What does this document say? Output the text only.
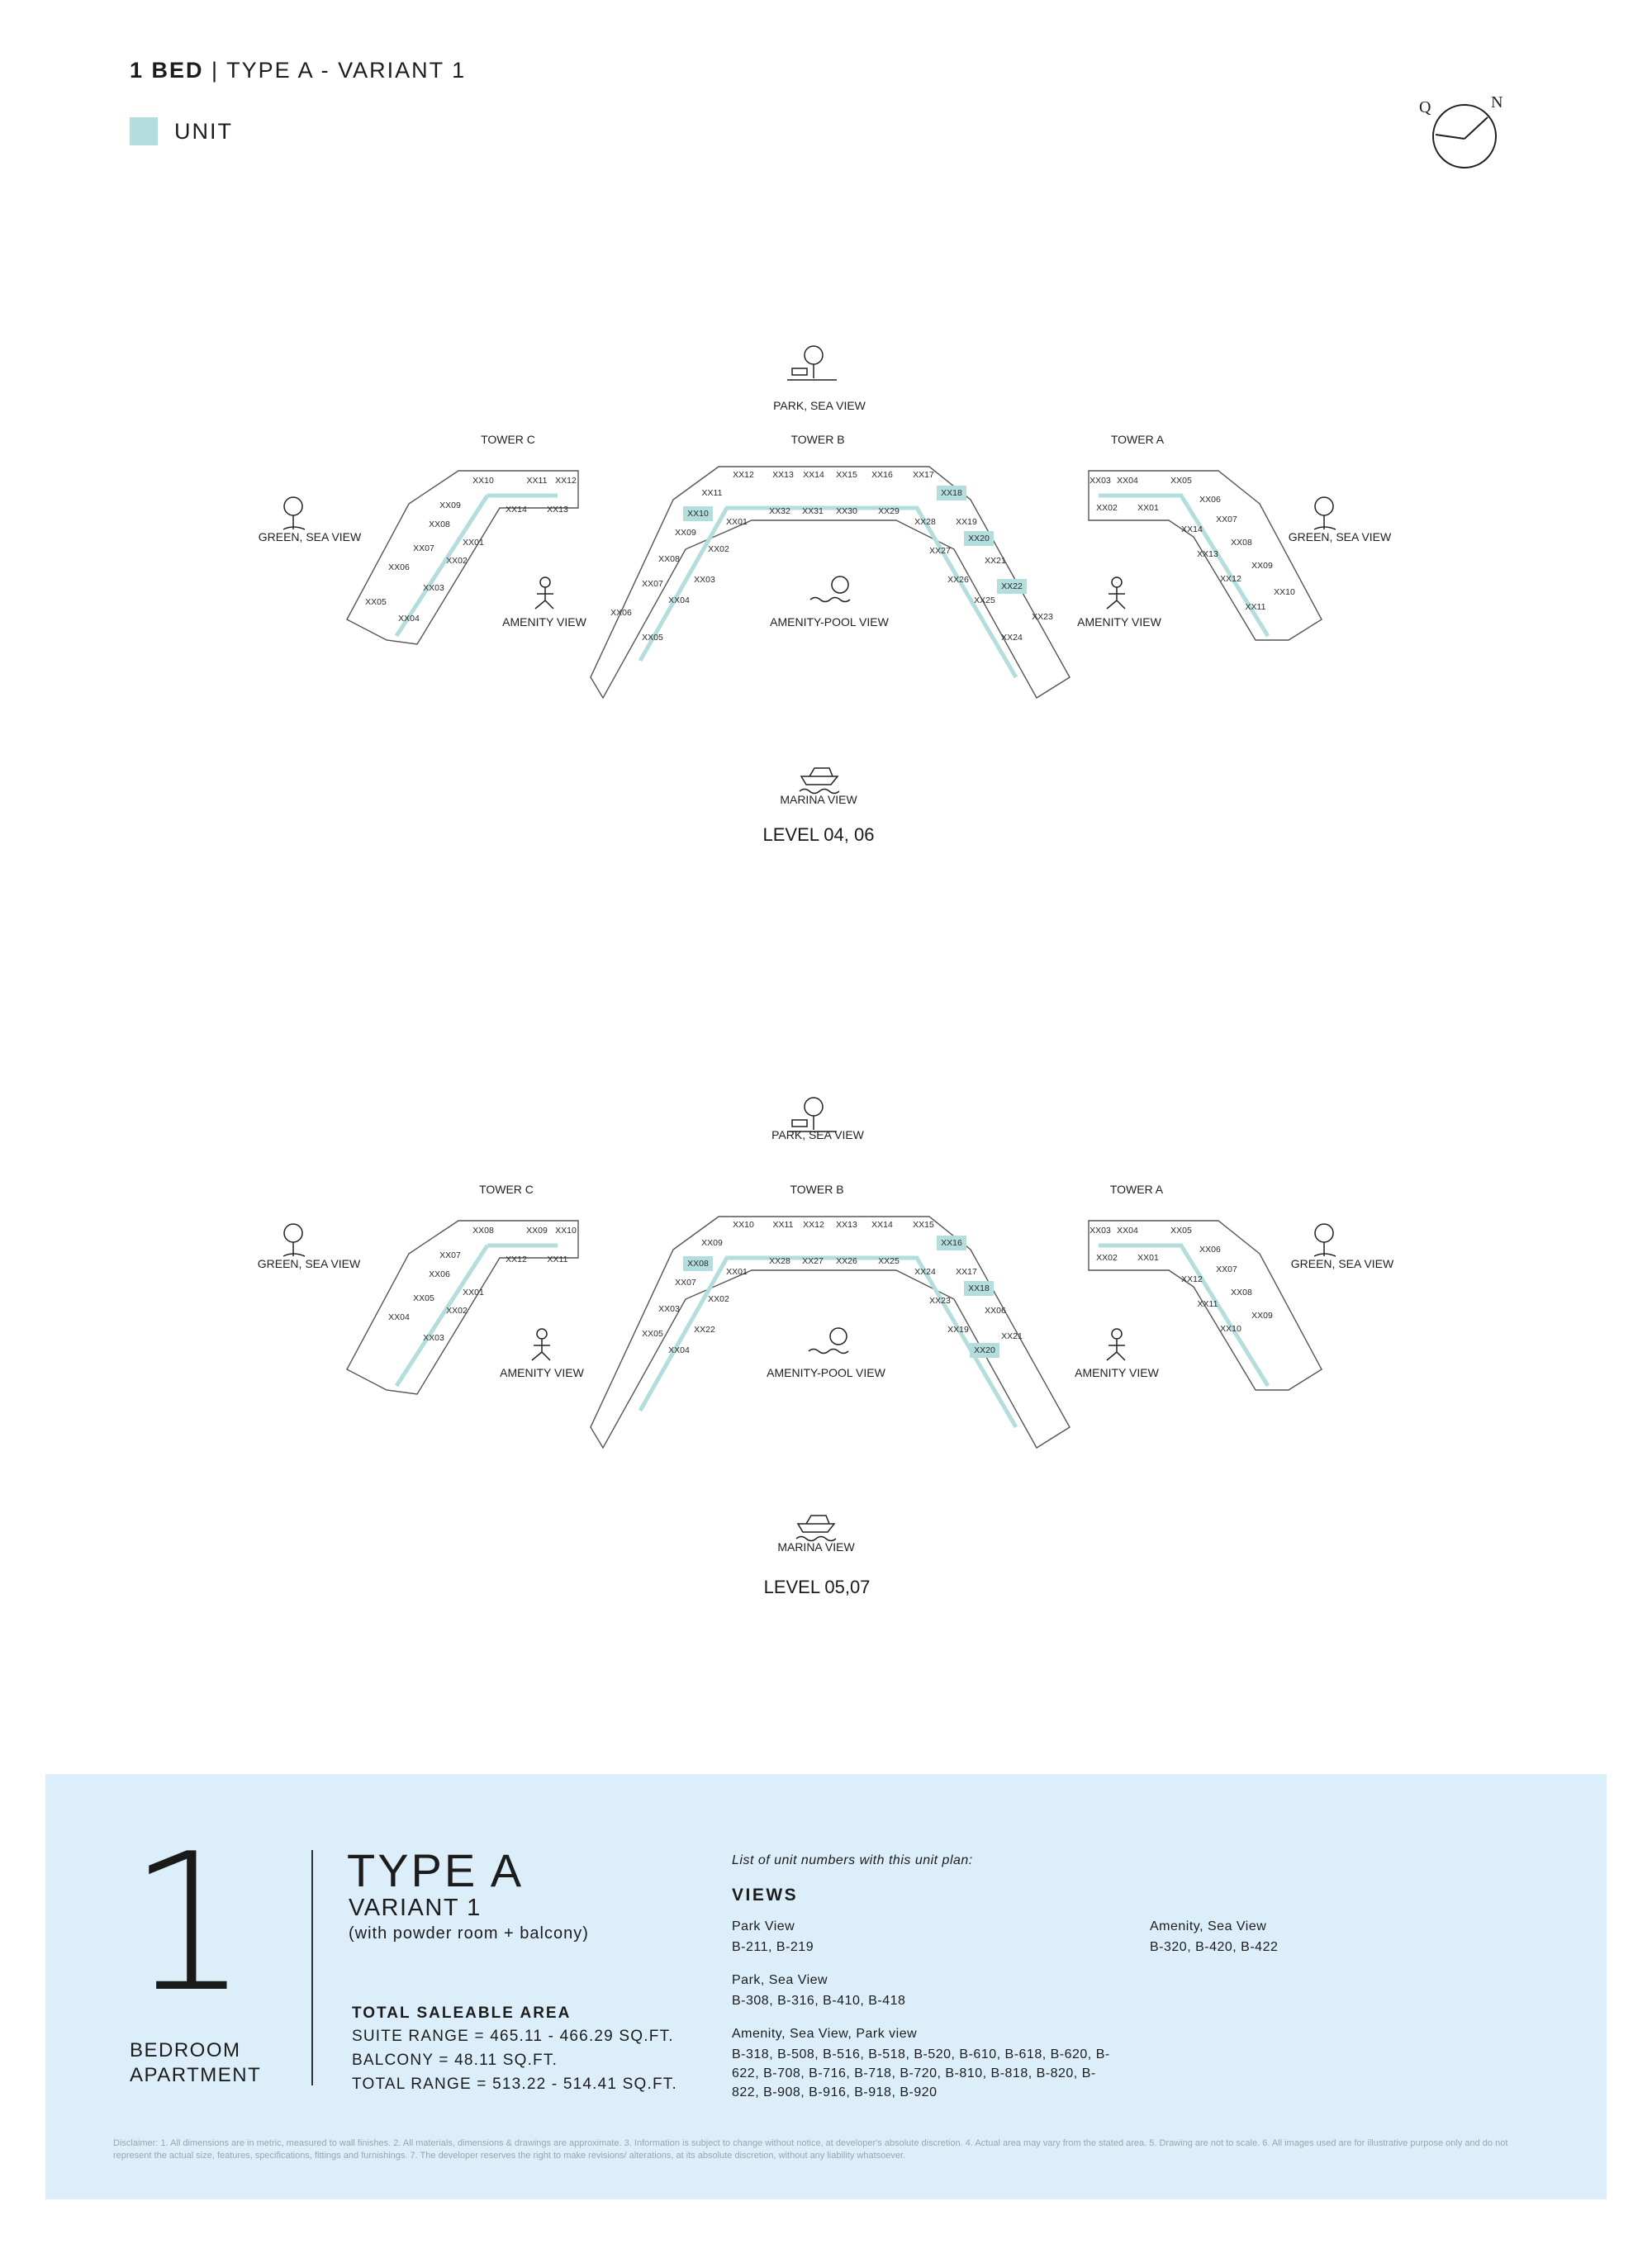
1 BED | TYPE A - VARIANT 1
UNIT
Q	N
PARK, SEA VIEW
TOWER C	TOWER B	TOWER A
GREEN, SEA VIEW	GREEN, SEA VIEW
AMENITY VIEW	AMENITY-POOL VIEW	AMENITY VIEW
MARINA VIEW
LEVEL 04, 06
XX10	XX11 XX12
XX09	XX14 XX13
XX08
XX01
XX07
XX02
XX06
XX03
XX05
XX04
XX12 XX13 XX14 XX15 XX16 XX17
XX11	XX18
XX32 XX31 XX30 XX29
XX10
XX01	XX28 XX19
XX09
XX20
XX02	XX27
XX21
XX08
XX03	XX26
XX07
XX04
XX22
XX25
XX06	XX23
XX05	XX24
XX03 XX04	XX05
XX06
XX02 XX01
XX07
XX14
XX08
XX13
XX09
XX12
XX10
XX11
PARK, SEA VIEW
TOWER C	TOWER B	TOWER A
GREEN, SEA VIEW	GREEN, SEA VIEW
AMENITY VIEW	AMENITY-POOL VIEW	AMENITY VIEW
MARINA VIEW
LEVEL 05,07
XX08	XX09 XX10
XX07	XX12 XX11
XX06
XX01
XX05
XX02
XX04
XX03
XX10 XX11 XX12 XX13 XX14 XX15
XX09	XX16
XX28 XX27 XX26 XX25
XX08
XX01	XX24 XX17
XX07
XX18
XX02	XX23
XX06
XX03
XX22	XX19
XX05
XX04
XX21
XX20
XX03 XX04	XX05
XX06
XX02 XX01
XX07
XX12
XX08
XX11
XX09
XX10
1
BEDROOM
APARTMENT
TYPE A
VARIANT 1
(with powder room + balcony)
TOTAL SALEABLE AREA
SUITE RANGE = 465.11 - 466.29 SQ.FT.
BALCONY = 48.11 SQ.FT.
TOTAL RANGE = 513.22 - 514.41 SQ.FT.
List of unit numbers with this unit plan:
VIEWS
Park View
B-211, B-219
Park, Sea View
B-308, B-316, B-410, B-418
Amenity, Sea View, Park view
B-318, B-508, B-516, B-518, B-520, B-610, B-618, B-620, B-622, B-708, B-716, B-718, B-720, B-810, B-818, B-820, B-822, B-908, B-916, B-918, B-920
Amenity, Sea View
B-320, B-420, B-422
Disclaimer: 1. All dimensions are in metric, measured to wall finishes. 2. All materials, dimensions & drawings are approximate. 3. Information is subject to change without notice, at developer's absolute discretion. 4. Actual area may vary from the stated area. 5. Drawing are not to scale. 6. All images used are for illustrative purpose only and do not represent the actual size, features, specifications, fittings and furnishings. 7. The developer reserves the right to make revisions/ alterations, at its absolute discretion, without any liability whatsoever.
